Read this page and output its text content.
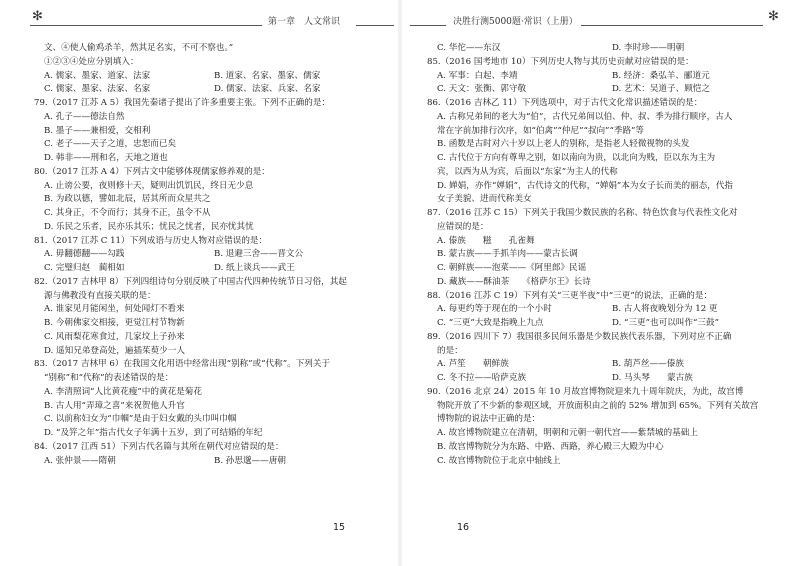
✻	第一章　人文常识
文、④使人偷鸡杀羊，然其足名实，不可不察也。”
①②③④处应分别填入：
A. 儒家、墨家、道家、法家	B. 道家、名家、墨家、儒家
C. 儒家、墨家、法家、名家	D. 儒家、法家、兵家、名家
79.（2017 江苏 A 5）我国先秦诸子提出了许多重要主张。下列不正确的是：
A. 孔子——德法自然
B. 墨子——兼相爱，交相利
C. 老子——天子之道，忠恕而已矣
D. 韩非——刑和名，天地之道也
80.（2017 江苏 A 4）下列古文中能够体现儒家修养观的是：
A. 止谤公要，夜则修十天，疑则出饥饥民，终日无少息
B. 为政以德，譬如北辰，居其所而众星共之
C. 其身正，不令而行；其身不正，虽令不从
D. 乐民之乐者，民亦乐其乐；忧民之忧者，民亦忧其忧
81.（2017 江苏 C 11）下列成语与历史人物对应错误的是：
A. 毋翻德翻——勾践	B. 退避三舍——晋文公
C. 完璧归赵　蔺相如	D. 纸上谈兵——武王
82.（2017 吉林甲 8）下列四组诗句分别反映了中国古代四种传统节日习俗，其起
源与佛教没有直接关联的是：
A. 谁家见月能闲坐，何处闻灯不看来
B. 今朝佛家交相接，更觉江村节物新
C. 风雨梨花寒食过，几家坟上子孙来
D. 遥知兄弟登高处，遍插茱萸少一人
83.（2017 吉林甲 6）在我国文化用语中经常出现“别称”或“代称”。下列关于
“别称”和“代称”的表述错误的是：
A. 李清照词“人比黄花瘦”中的黄花是菊花
B. 古人用“弄璋之喜”来祝贺他人升官
C. 以前称妇女为“巾帼”是由于妇女戴的头巾叫巾帼
D. “及笄之年”指古代女子年满十五岁，到了可结婚的年纪
84.（2017 江西 51）下列古代名篇与其所在朝代对应错误的是：
A. 张仲景——隋朝	B. 孙思邈——唐朝
15
决胜行测5000题·常识（上册）	✻
C. 华佗——东汉	D. 李时珍——明朝
85.（2016 国考地市 10）下列历史人物与其历史贡献对应错误的是：
A. 军事：白起、李靖	B. 经济：桑弘羊、郦道元
C. 天文：张衡、郭守敬	D. 艺术：吴道子、顾恺之
86.（2016 吉林乙 11）下列选项中，对于古代文化常识描述错误的是：
A. 古称兄弟间的老大为“伯”，古代兄弟间以伯、仲、叔、季为排行顺序，古人
常在字前加排行次序，如“伯禽”“仲尼”“叔向”“季路”等
B. 函数是古时对六十岁以上老人的别称，是指老人轻微视物的头发
C. 古代位于方向有尊卑之别，如以南向为贵，以北向为贱，臣以东为主为
宾，以西为从为宾，后面以“东家”为主人的代称
D. 婵娟，亦作“婵娟”，古代诗文的代称，“婵娟”本为女子长而美的丽态，代指
女子美貌、进而代称美女
87.（2016 江苏 C 15）下列关于我国少数民族的名称、特色饮食与代表性文化对
应错误的是：
A. 傣族　　糍　　孔雀舞
B. 蒙古族——手抓羊肉——蒙古长调
C. 朝鲜族——泡菜——《阿里郎》民谣
D. 藏族——酥油茶　　《格萨尔王》长诗
88.（2016 江苏 C 19）下列有关“三更半夜”中“三更”的说法，正确的是：
A. 每更约等于现在的一个小时	B. 古人将夜晚划分为 12 更
C. “三更”大致是指晚上九点	D. “三更”也可以叫作“三鼓”
89.（2016 四川下 7）我国很多民间乐器是少数民族代表乐器，下列对应不正确
的是：
A. 芦笙　　朝鲜族	B. 葫芦丝——傣族
C. 冬不拉——哈萨克族	D. 马头琴　　蒙古族
90.（2016 北京 24）2015 年 10 月故宫博物院迎来九十周年院庆，为此，故宫博
物院开放了不少新的参观区域，开放面积由之前的 52% 增加到 65%。下列有关故宫
博物院的说法中正确的是：
A. 故宫博物院建立在清朝，明朝和元朝一朝代宫——紫禁城的基础上
B. 故宫博物院分为东路、中路、西路，养心殿三大殿为中心
C. 故宫博物院位于北京中轴线上
16
